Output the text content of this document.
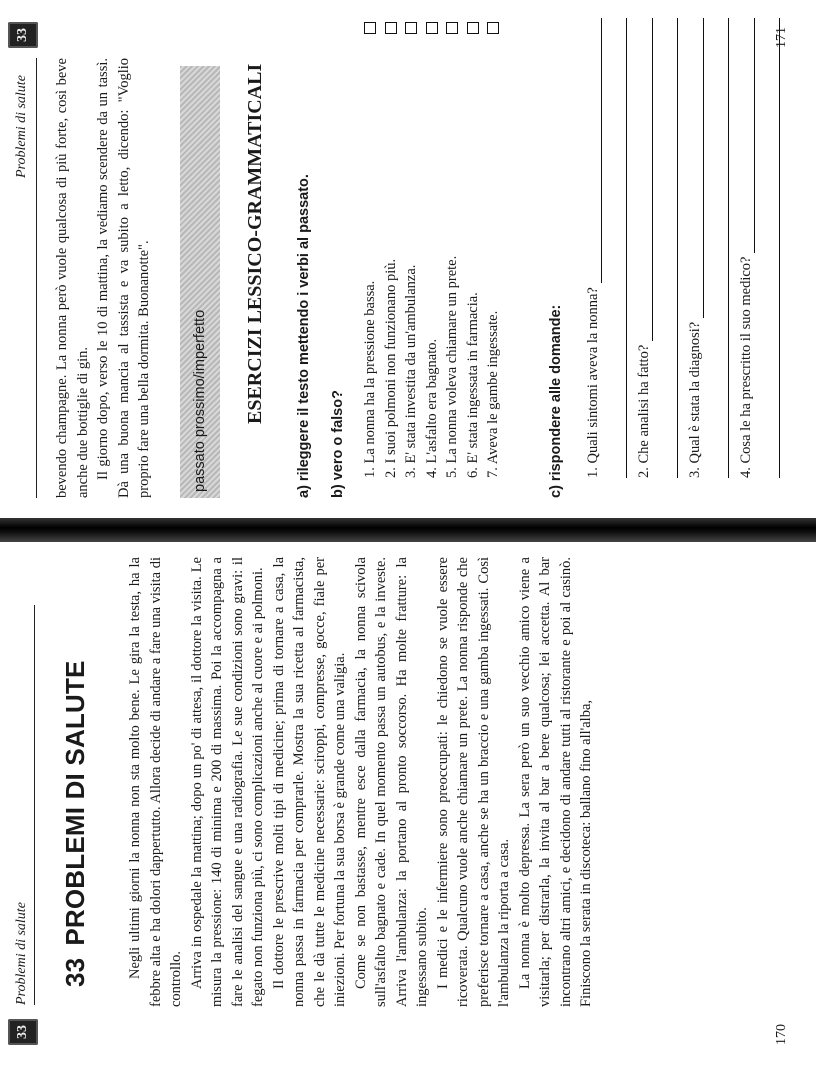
33
Problemi di salute 33PROBLEMI DI SALUTE	Negli ultimi giorni la nonna non sta molto bene. Le gira la testa, ha la febbre alta e ha dolori dappertutto. Allora decide di andare a fare una visita di controllo. Arriva in ospedale la mattina; dopo un po' di attesa, il dottore la visita. Le misura la pressione: 140 di minima e 200 di massima. Poi la accompagna a fare le analisi del sangue e una radiografia. Le sue condizioni sono gravi: il fegato non funziona più, ci sono complicazioni anche al cuore e ai polmoni. Il dottore le prescrive molti tipi di medicine; prima di tornare a casa, la nonna passa in farmacia per comprarle. Mostra la sua ricetta al farmacista, che le dà tutte le medicine necessarie: sciroppi, compresse, gocce, fiale per iniezioni. Per fortuna la sua borsa è grande come una valigia. Come se non bastasse, mentre esce dalla farmacia, la nonna scivola sull'asfalto bagnato e cade. In quel momento passa un autobus, e la investe. Arriva l'ambulanza: la portano al pronto soccorso. Ha molte fratture: la ingessano subito. I medici e le infermiere sono preoccupati: le chiedono se vuole essere ricoverata. Qualcuno vuole anche chiamare un prete. La nonna risponde che preferisce tornare a casa, anche se ha un braccio e una gamba ingessati. Così l'ambulanza la riporta a casa. La nonna è molto depressa. La sera però un suo vecchio amico viene a visitarla; per distrarla, la invita al bar a bere qualcosa; lei accetta. Al bar incontrano altri amici, e decidono di andare tutti al ristorante e poi al casinò. Finiscono la serata in discoteca: ballano fino all'alba,

170
Problemi di salute
33

bevendo champagne. La nonna però vuole qualcosa di più forte, così beve anche due bottiglie di gin. Il giorno dopo, verso le 10 di mattina, la vediamo scendere da un tassì. Dà una buona mancia al tassista e va subito a letto, dicendo: "Voglio proprio fare una bella dormita. Buonanotte".	passato prossimo/imperfetto ESERCIZI LESSICO-GRAMMATICALI a) rileggere il testo mettendo i verbi al passato. b) vero o falso? 1. La nonna ha la pressione bassa. 2. I suoi polmoni non funzionano più. 3. E' stata investita da un'ambulanza. 4. L'asfalto era bagnato. 5. La nonna voleva chiamare un prete. 6. E' stata ingessata in farmacia. 7. Aveva le gambe ingessate.	c) rispondere alle domande: 1. Quali sintomi aveva la nonna? 2. Che analisi ha fatto? 3. Qual è stata la diagnosi? 4. Cosa le ha prescritto il suo medico?
171
